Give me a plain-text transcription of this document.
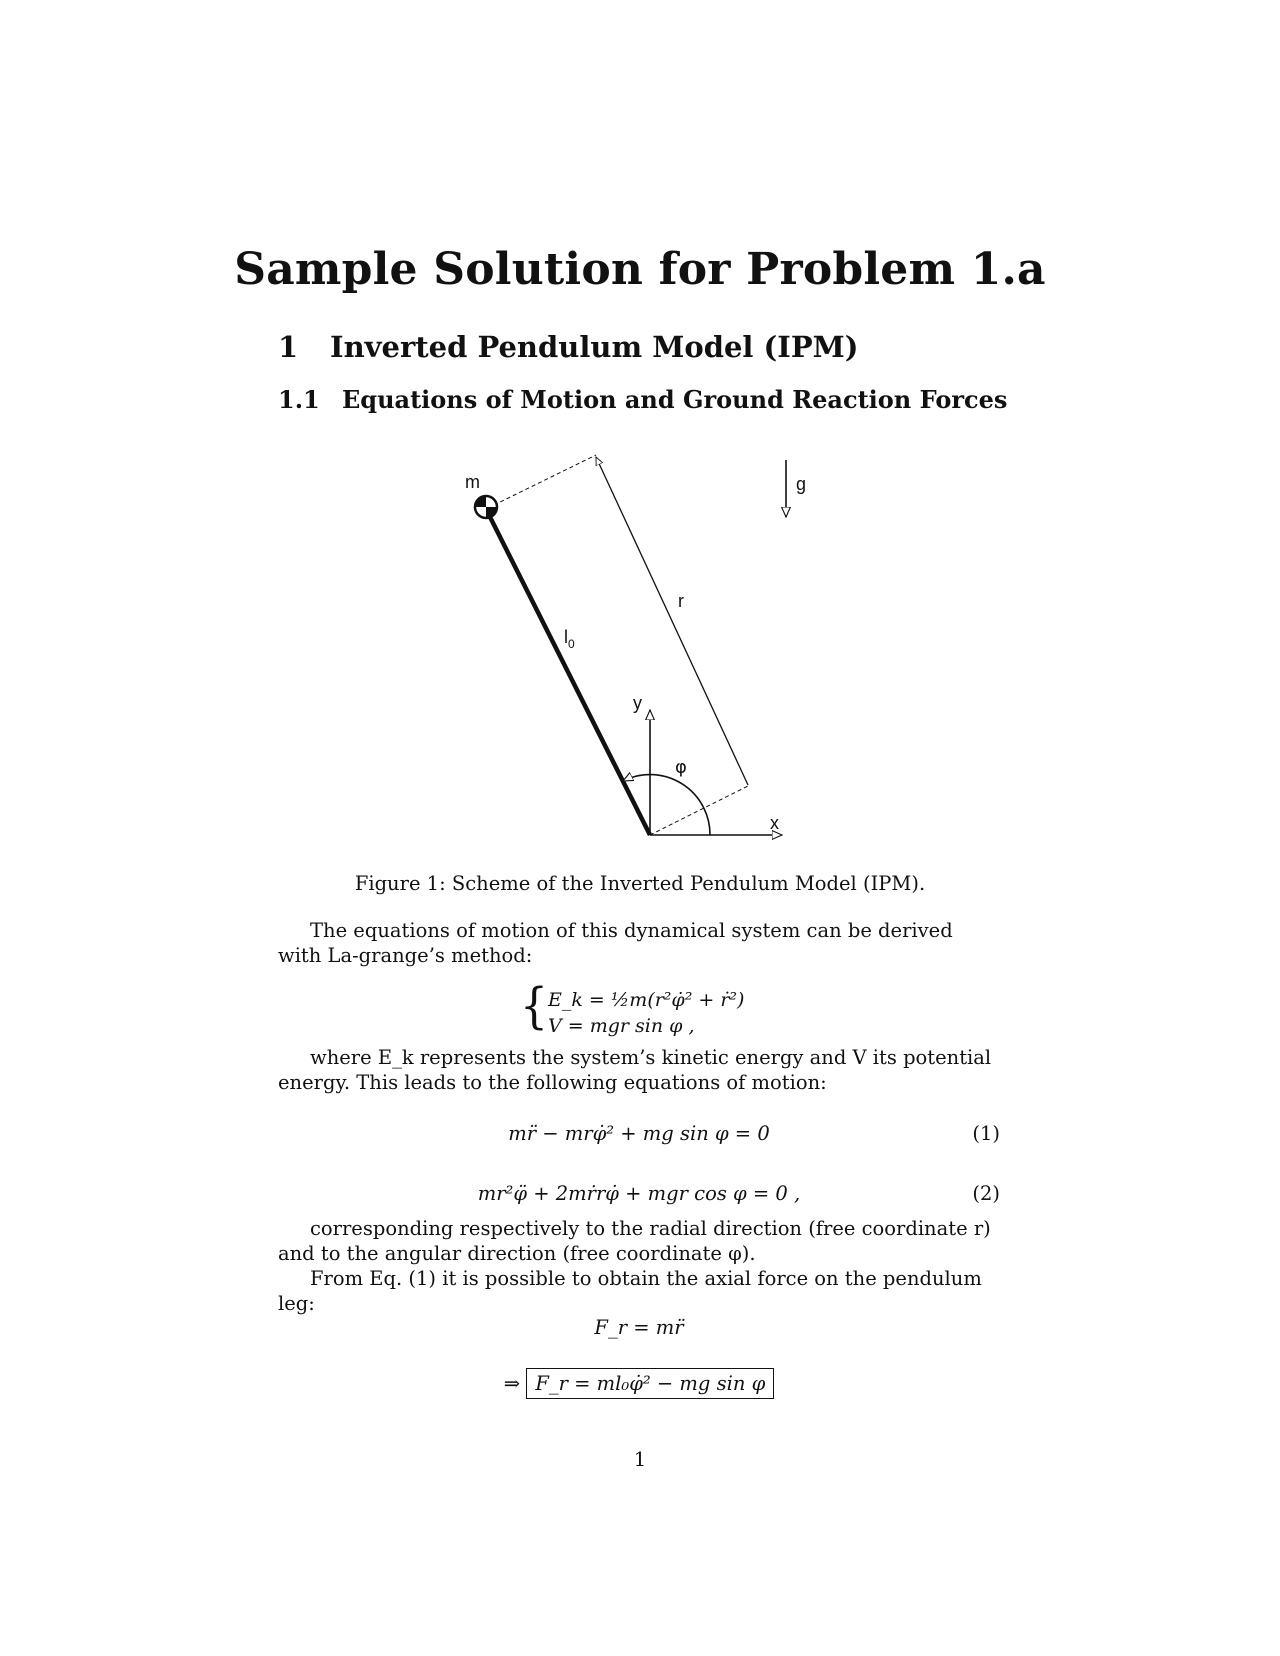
Sample Solution for Problem 1.a
1 Inverted Pendulum Model (IPM)
1.1 Equations of Motion and Ground Reaction Forces
m	g
r
$l_0$
y
x
φ
Figure 1: Scheme of the Inverted Pendulum Model (IPM).
The equations of motion of this dynamical system can be derived with La-grange’s method:
{ E_k = ½m(r²φ̇² + ṙ²)
V = mgr sin φ ,
where E_k represents the system’s kinetic energy and V its potential energy. This leads to the following equations of motion:
mr̈ − mrφ̇² + mg sin φ = 0	(1)
mr²φ̈ + 2mṙrφ̇ + mgr cos φ = 0 ,	(2)
corresponding respectively to the radial direction (free coordinate r) and to the angular direction (free coordinate φ).
From Eq. (1) it is possible to obtain the axial force on the pendulum leg:
F_r = mr̈
⇒ F_r = ml₀φ̇² − mg sin φ
1
